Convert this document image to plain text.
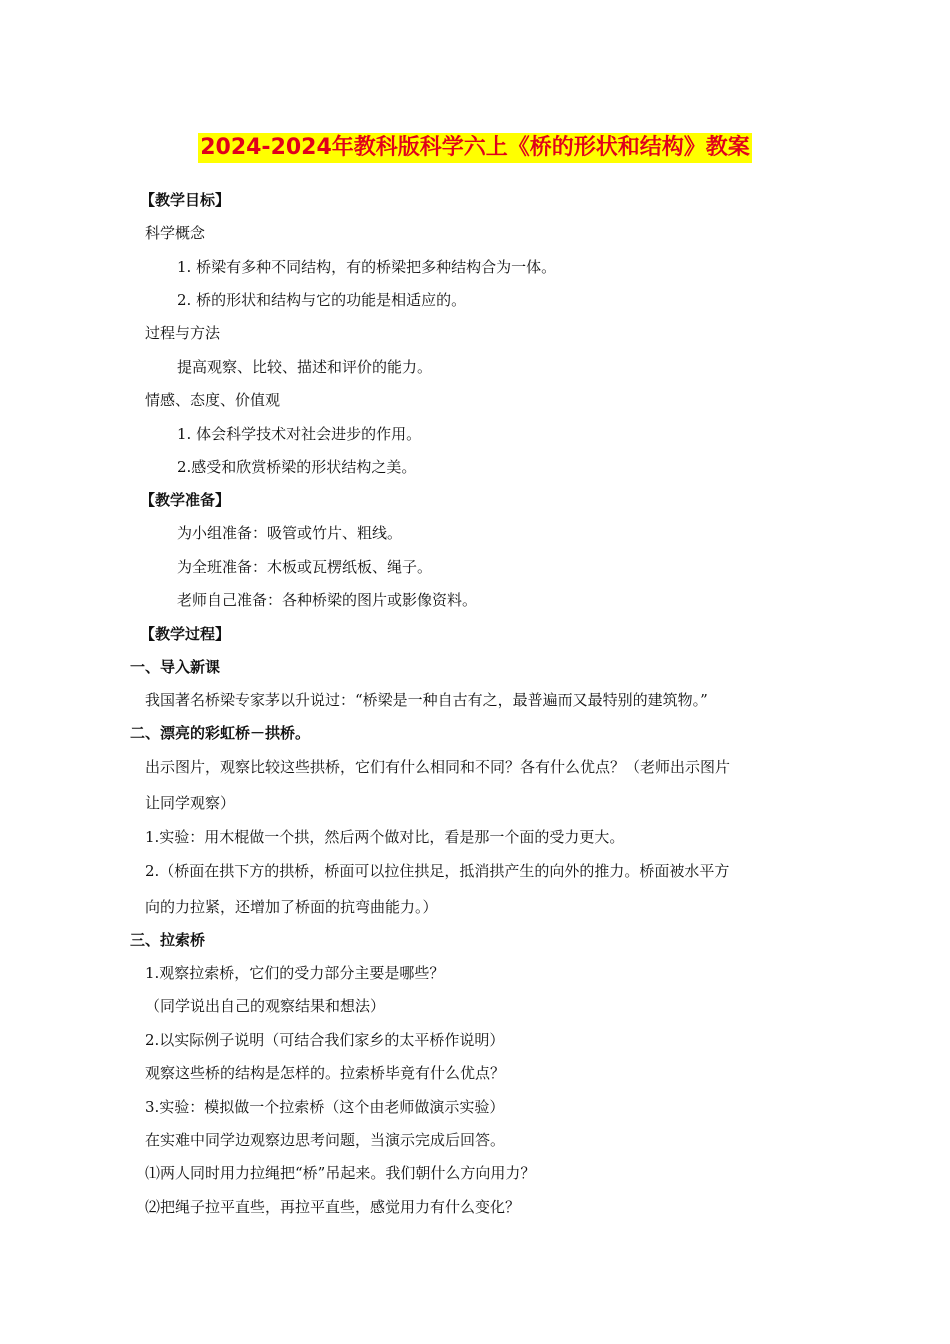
2024-2024年教科版科学六上《桥的形状和结构》教案
【教学目标】
科学概念
1. 桥梁有多种不同结构，有的桥梁把多种结构合为一体。
2. 桥的形状和结构与它的功能是相适应的。
过程与方法
提高观察、比较、描述和评价的能力。
情感、态度、价值观
1. 体会科学技术对社会进步的作用。
2.感受和欣赏桥梁的形状结构之美。
【教学准备】
为小组准备：吸管或竹片、粗线。
为全班准备：木板或瓦楞纸板、绳子。
老师自己准备：各种桥梁的图片或影像资料。
【教学过程】
一、导入新课
我国著名桥梁专家茅以升说过：“桥梁是一种自古有之，最普遍而又最特别的建筑物。”
二、漂亮的彩虹桥－拱桥。
出示图片，观察比较这些拱桥，它们有什么相同和不同？各有什么优点？（老师出示图片
让同学观察）
1.实验：用木棍做一个拱，然后两个做对比，看是那一个面的受力更大。
2.（桥面在拱下方的拱桥，桥面可以拉住拱足，抵消拱产生的向外的推力。桥面被水平方
向的力拉紧，还增加了桥面的抗弯曲能力。）
三、拉索桥
1.观察拉索桥，它们的受力部分主要是哪些？
（同学说出自己的观察结果和想法）
2.以实际例子说明（可结合我们家乡的太平桥作说明）
观察这些桥的结构是怎样的。拉索桥毕竟有什么优点？
3.实验：模拟做一个拉索桥（这个由老师做演示实验）
在实难中同学边观察边思考问题，当演示完成后回答。
⑴两人同时用力拉绳把“桥”吊起来。我们朝什么方向用力？
⑵把绳子拉平直些，再拉平直些，感觉用力有什么变化？
